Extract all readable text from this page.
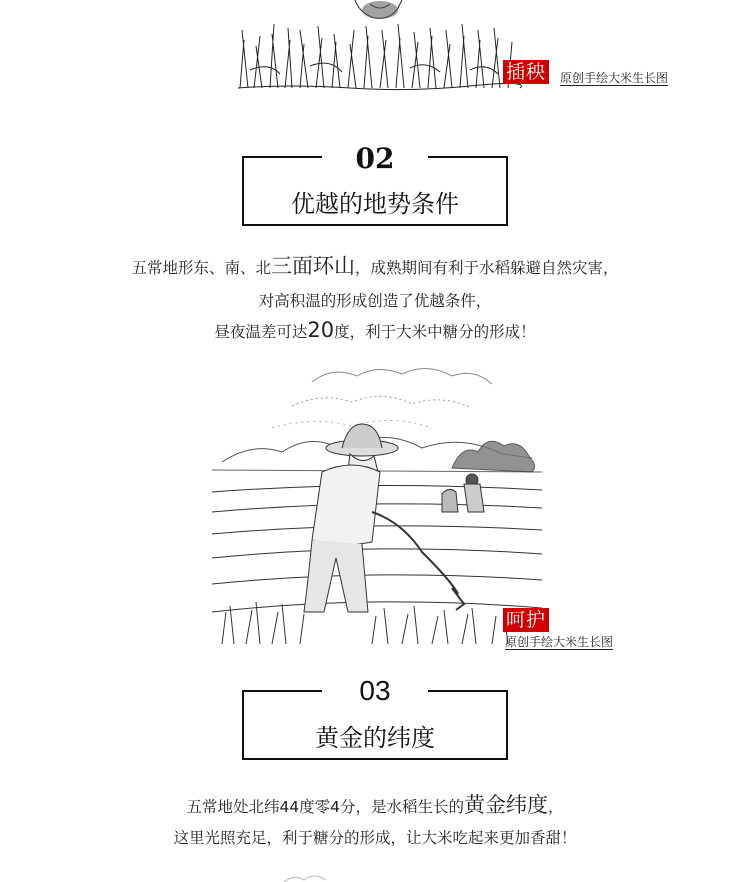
插秧 原创手绘大米生长图
02
优越的地势条件
五常地形东、南、北三面环山，成熟期间有利于水稻躲避自然灾害，
对高积温的形成创造了优越条件，
昼夜温差可达20度，利于大米中糖分的形成！
呵护
原创手绘大米生长图
03
黄金的纬度
五常地处北纬44度零4分，是水稻生长的黄金纬度，
这里光照充足，利于糖分的形成，让大米吃起来更加香甜！
